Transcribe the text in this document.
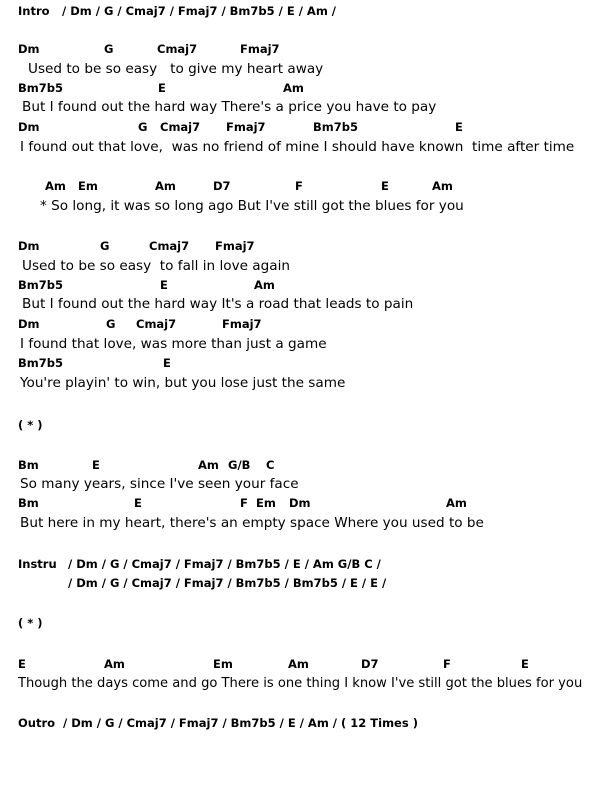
Intro

/ Dm / G / Cmaj7 / Fmaj7 / Bm7b5 / E / Am /

Dm

	G

	Cmaj7

	Fmaj7

Used to be so easy   to give my heart away

Bm7b5

	E

	Am

But I found out the hard way There's a price you have to pay

Dm

	G

Cmaj7

Fmaj7

	Bm7b5

	E

I found out that love,  was no friend of mine I should have known  time after time

Am

Em

	Am

	D7

	F

	E

	Am

* So long, it was so long ago But I've still got the blues for you

Dm

	G

	Cmaj7

Fmaj7

Used to be so easy  to fall in love again

Bm7b5

	E

	Am

But I found out the hard way It's a road that leads to pain

Dm

	G

Cmaj7

	Fmaj7

I found that love, was more than just a game

Bm7b5

	E

You're playin' to win, but you lose just the same

( * )

Bm

	E

	Am

G/B

C

So many years, since I've seen your face

Bm

	E

	F

Em

Dm

	Am

But here in my heart, there's an empty space Where you used to be

Instru

/ Dm / G / Cmaj7 / Fmaj7 / Bm7b5 / E / Am G/B C /

/ Dm / G / Cmaj7 / Fmaj7 / Bm7b5 / Bm7b5 / E / E /

( * )

E

	Am

	Em

	Am

	D7

	F

	E

Though the days come and go There is one thing I know I've still got the blues for you

Outro

/ Dm / G / Cmaj7 / Fmaj7 / Bm7b5 / E / Am / ( 12 Times )
